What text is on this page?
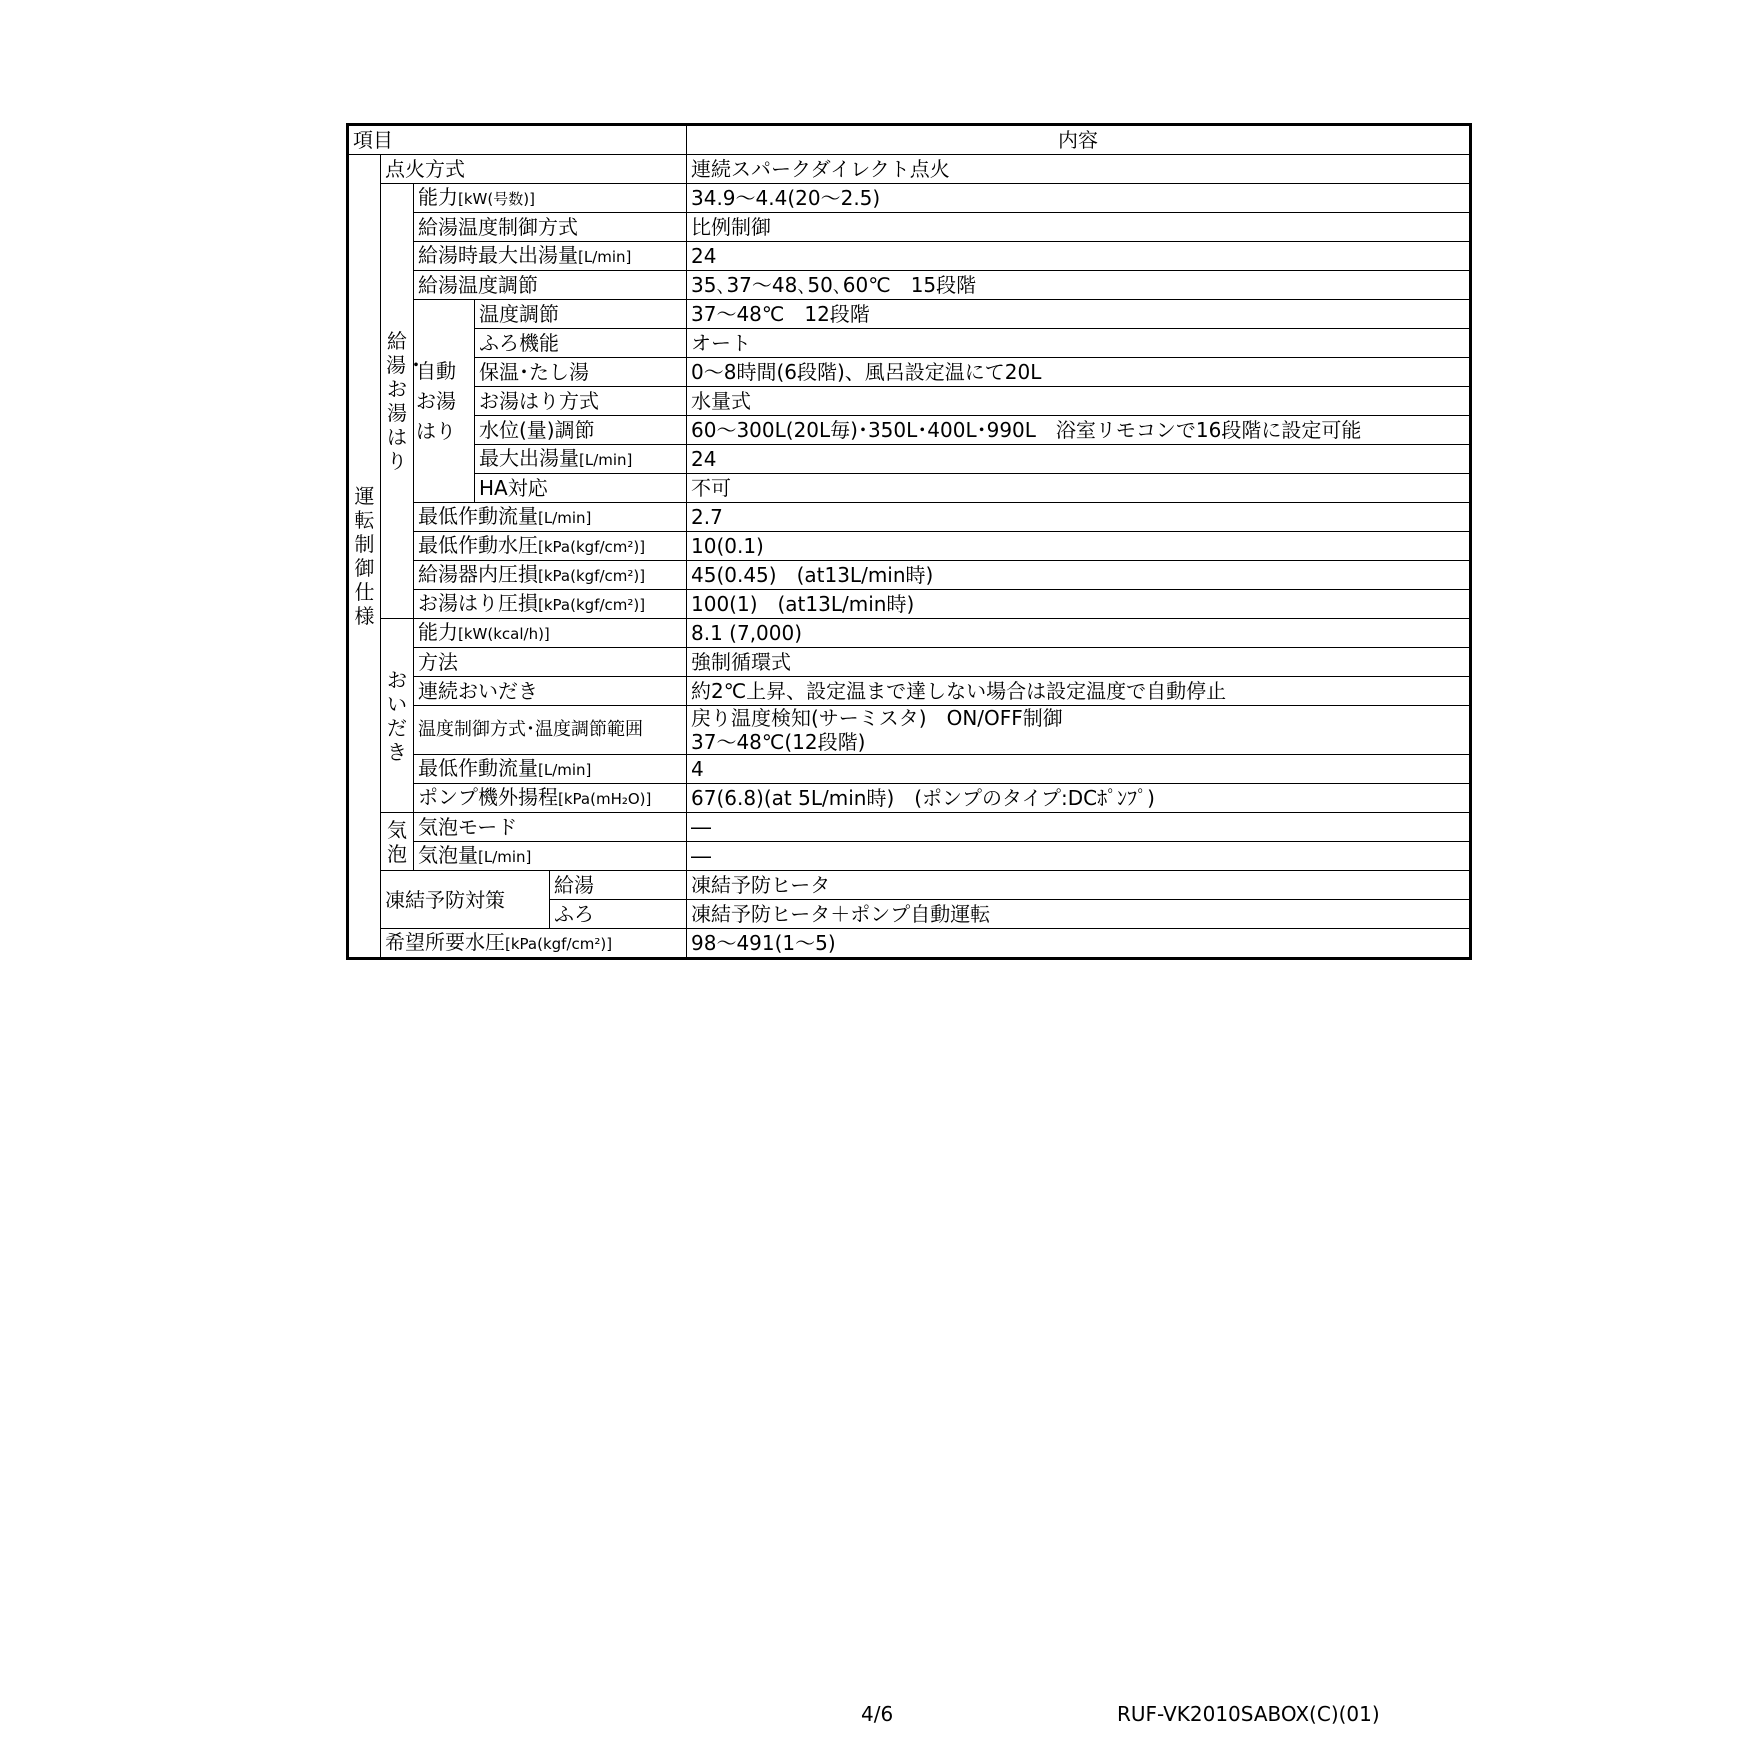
項目					内容
運転制御仕様	点火方式				連続スパークダイレクト点火
	給湯・お湯はり	能力[kW(号数)]			34.9～4.4(20～2.5)
		給湯温度制御方式			比例制御
		給湯時最大出湯量[L/min]			24
		給湯温度調節			35､37～48､50､60℃　15段階
		自動お湯はり	温度調節		37～48℃　12段階
			ふろ機能		オート
			保温･たし湯		0～8時間(6段階)、風呂設定温にて20L
			お湯はり方式		水量式
			水位(量)調節		60～300L(20L毎)･350L･400L･990L　浴室リモコンで16段階に設定可能
			最大出湯量[L/min]		24
			HA対応		不可
		最低作動流量[L/min]			2.7
		最低作動水圧[kPa(kgf/cm²)]			10(0.1)
		給湯器内圧損[kPa(kgf/cm²)]			45(0.45)　(at13L/min時)
		お湯はり圧損[kPa(kgf/cm²)]			100(1)　(at13L/min時)
	おいだき	能力[kW(kcal/h)]			8.1 (7,000)
		方法			強制循環式
		連続おいだき			約2℃上昇、設定温まで達しない場合は設定温度で自動停止
		温度制御方式･温度調節範囲			戻り温度検知(サーミスタ)　ON/OFF制御
37～48℃(12段階)

		最低作動流量[L/min]			4
		ポンプ機外揚程[kPa(mH₂O)]			67(6.8)(at 5L/min時)　(ポンプのタイプ:DCﾎﾟﾝﾌﾟ)
	気泡	気泡モード			―
		気泡量[L/min]			―
	凍結予防対策			給湯	凍結予防ヒータ
				ふろ	凍結予防ヒータ＋ポンプ自動運転
	希望所要水圧[kPa(kgf/cm²)]				98～491(1～5)
4/6	RUF-VK2010SABOX(C)(01)
